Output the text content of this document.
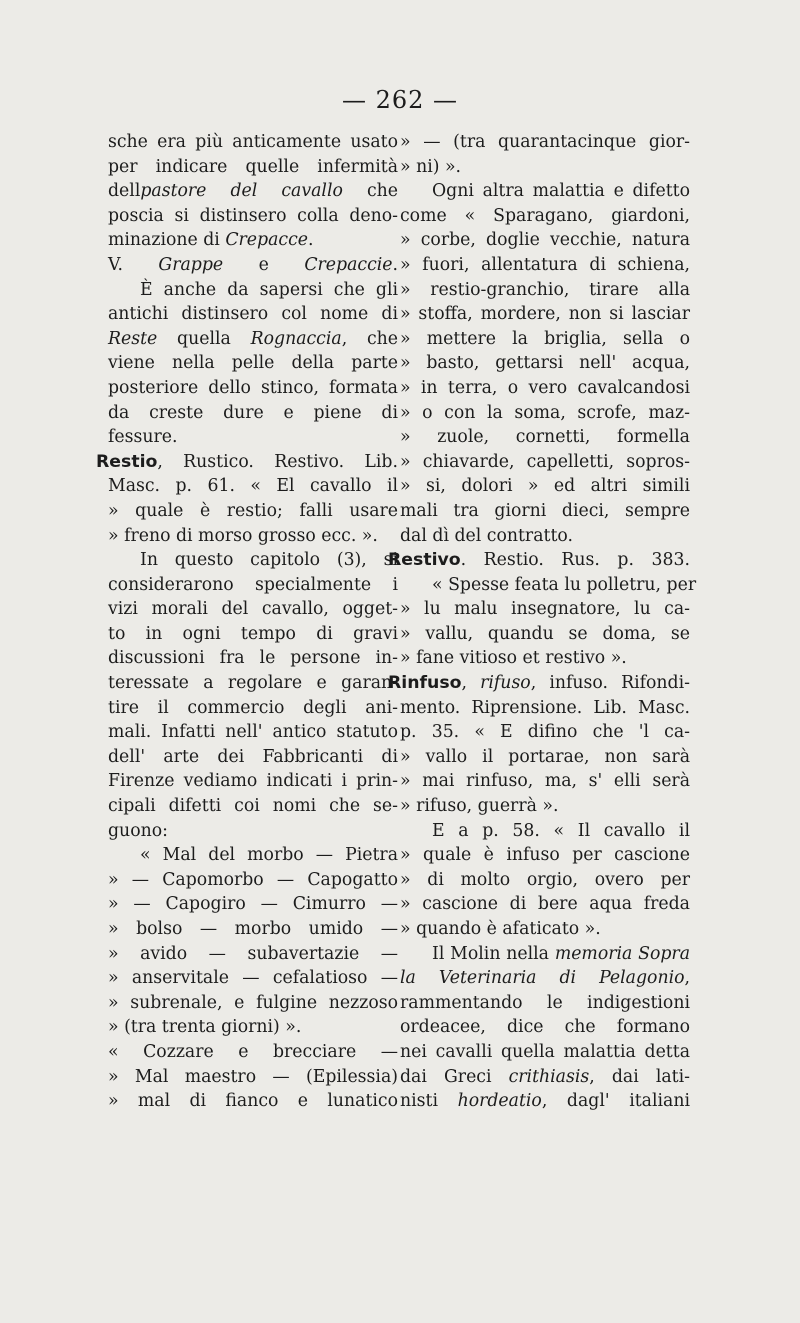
— 262 —
sche era più anticamente usato
per indicare quelle infermità
dellpastore del cavallo che
poscia si distinsero colla deno-
minazione di Crepacce.
V. Grappe e Crepaccie.
È anche da sapersi che gli
antichi distinsero col nome di
Reste quella Rognaccia, che
viene nella pelle della parte
posteriore dello stinco, formata
da creste dure e piene di
fessure.
Restio, Rustico. Restivo. Lib.
Masc. p. 61. « El cavallo il
» quale è restio; falli usare
» freno di morso grosso ecc. ».
In questo capitolo (3), si
considerarono specialmente i
vizi morali del cavallo, ogget-
to in ogni tempo di gravi
discussioni fra le persone in-
teressate a regolare e garan-
tire il commercio degli ani-
mali. Infatti nell' antico statuto
dell' arte dei Fabbricanti di
Firenze vediamo indicati i prin-
cipali difetti coi nomi che se-
guono:
« Mal del morbo — Pietra
» — Capomorbo — Capogatto
» — Capogiro — Cimurro —
» bolso — morbo umido —
» avido — subavertazie —
» anservitale — cefalatioso —
» subrenale, e fulgine nezzoso
» (tra trenta giorni) ».
« Cozzare e brecciare —
» Mal maestro — (Epilessia)
» mal di fianco e lunatico
» — (tra quarantacinque gior-
» ni) ».
Ogni altra malattia e difetto
come « Sparagano, giardoni,
» corbe, doglie vecchie, natura
» fuori, allentatura di schiena,
» restio-granchio, tirare alla
» stoffa, mordere, non si lasciar
» mettere la briglia, sella o
» basto, gettarsi nell' acqua,
» in terra, o vero cavalcandosi
» o con la soma, scrofe, maz-
» zuole, cornetti, formella
» chiavarde, capelletti, sopros-
» si, dolori » ed altri simili
mali tra giorni dieci, sempre
dal dì del contratto.
Restivo. Restio. Rus. p. 383.
« Spesse feata lu polletru, per
» lu malu insegnatore, lu ca-
» vallu, quandu se doma, se
» fane vitioso et restivo ».
Rinfuso, rifuso, infuso. Rifondi-
mento. Riprensione. Lib. Masc.
p. 35. « E difino che 'l ca-
» vallo il portarae, non sarà
» mai rinfuso, ma, s' elli serà
» rifuso, guerrà ».
E a p. 58. « Il cavallo il
» quale è infuso per cascione
» di molto orgio, overo per
» cascione di bere aqua freda
» quando è afaticato ».
Il Molin nella memoria Sopra
la Veterinaria di Pelagonio,
rammentando le indigestioni
ordeacee, dice che formano
nei cavalli quella malattia detta
dai Greci crithiasis, dai lati-
nisti hordeatio, dagl' italiani
